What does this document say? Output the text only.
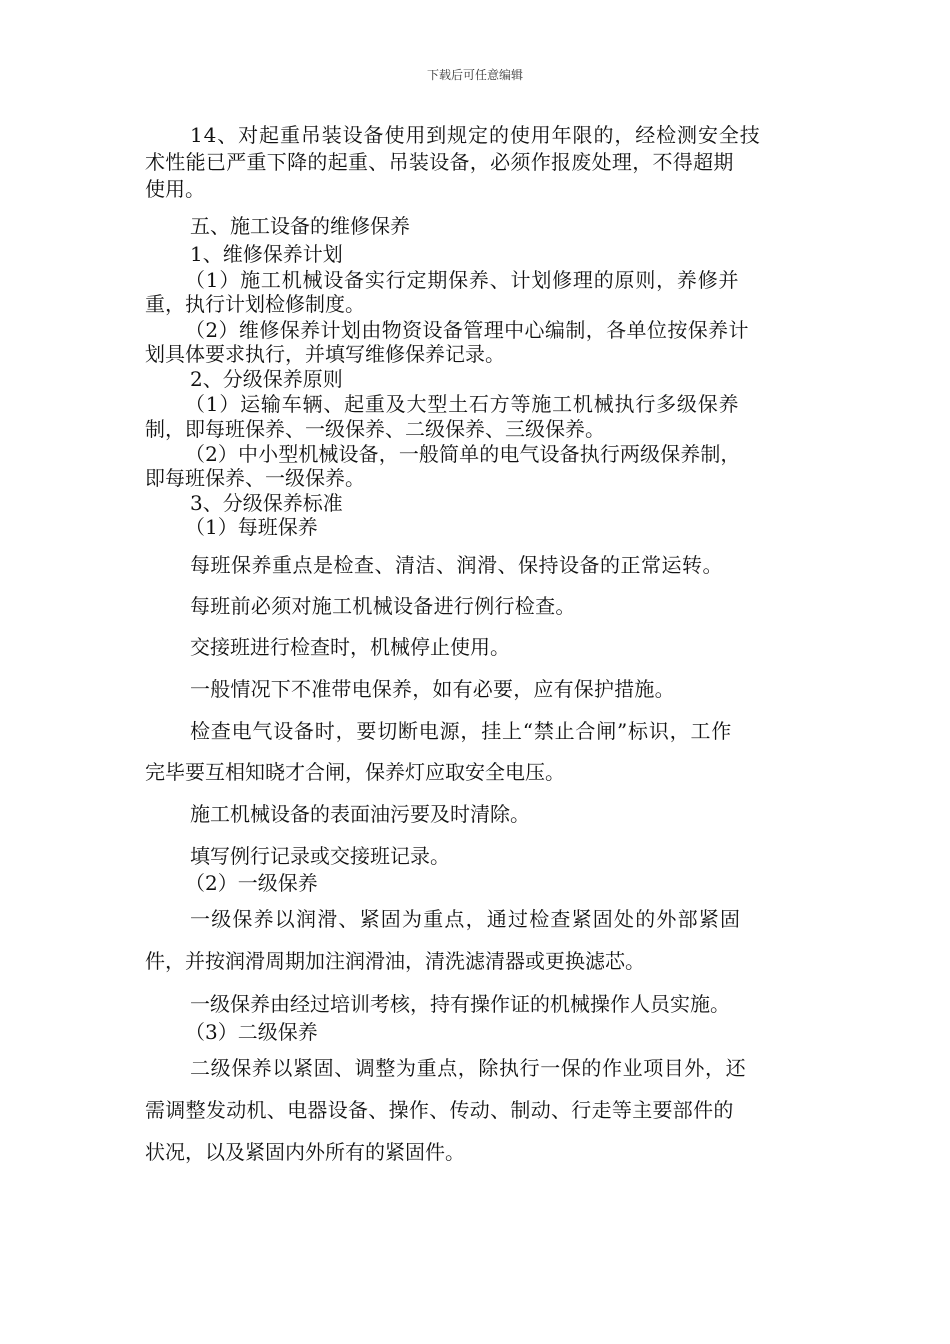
下载后可任意编辑

14、对起重吊装设备使用到规定的使用年限的，经检测安全技

术性能已严重下降的起重、吊装设备，必须作报废处理，不得超期

使用。

五、施工设备的维修保养

1、维修保养计划

（1）施工机械设备实行定期保养、计划修理的原则，养修并

重，执行计划检修制度。

（2）维修保养计划由物资设备管理中心编制，各单位按保养计

划具体要求执行，并填写维修保养记录。

2、分级保养原则

（1）运输车辆、起重及大型土石方等施工机械执行多级保养

制，即每班保养、一级保养、二级保养、三级保养。

（2）中小型机械设备，一般简单的电气设备执行两级保养制，

即每班保养、一级保养。

3、分级保养标准

（1）每班保养

每班保养重点是检查、清洁、润滑、保持设备的正常运转。

每班前必须对施工机械设备进行例行检查。

交接班进行检查时，机械停止使用。

一般情况下不准带电保养，如有必要，应有保护措施。

检查电气设备时，要切断电源，挂上“禁止合闸”标识，工作

完毕要互相知晓才合闸，保养灯应取安全电压。

施工机械设备的表面油污要及时清除。

填写例行记录或交接班记录。

（2）一级保养

一级保养以润滑、紧固为重点，通过检查紧固处的外部紧固

件，并按润滑周期加注润滑油，清洗滤清器或更换滤芯。

一级保养由经过培训考核，持有操作证的机械操作人员实施。

（3）二级保养

二级保养以紧固、调整为重点，除执行一保的作业项目外，还

需调整发动机、电器设备、操作、传动、制动、行走等主要部件的

状况，以及紧固内外所有的紧固件。
